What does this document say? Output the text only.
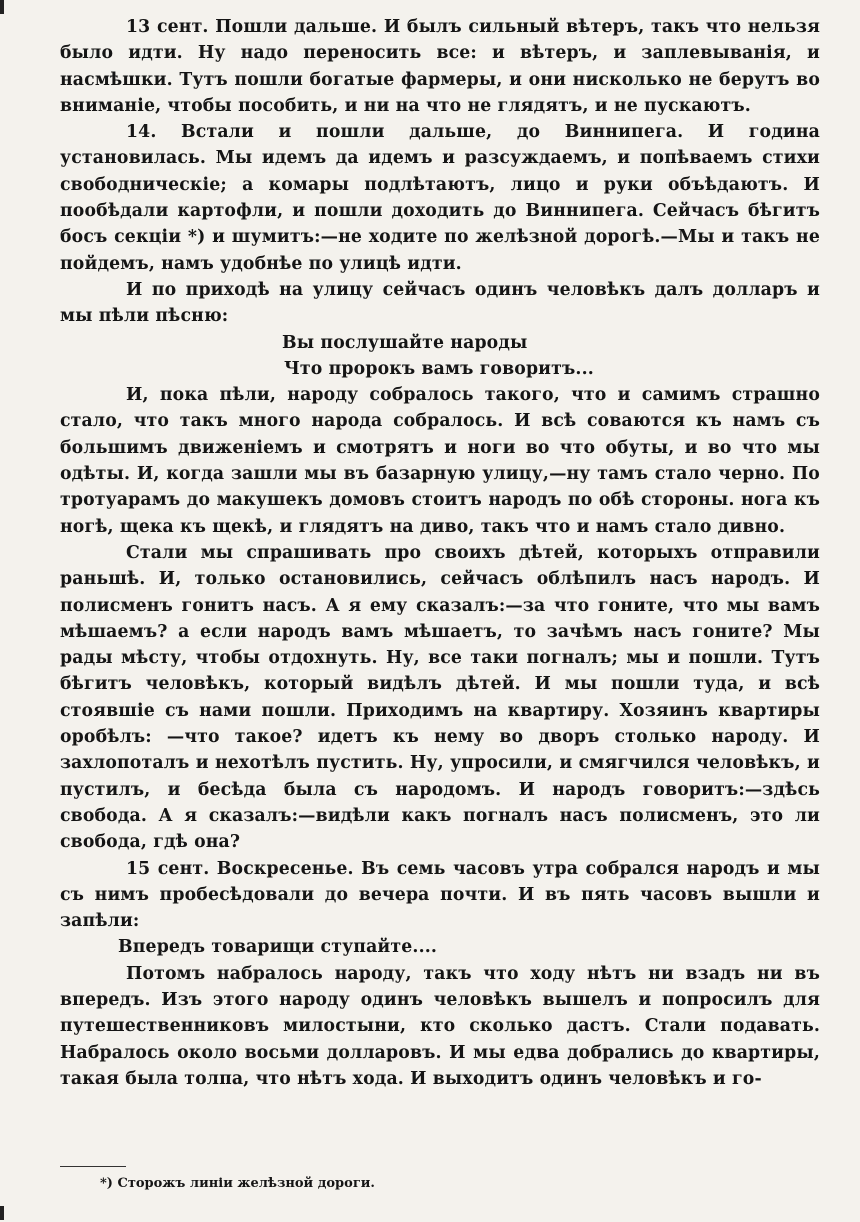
13 сент. Пошли дальше. И былъ сильный вѣтеръ, такъ что нельзя было идти. Ну надо переносить все: и вѣтеръ, и заплевыванія, и насмѣшки. Тутъ пошли богатые фармеры, и они нисколько не берутъ во вниманіе, чтобы пособить, и ни на что не глядятъ, и не пускаютъ.

14. Встали и пошли дальше, до Виннипега. И година установилась. Мы идемъ да идемъ и разсуждаемъ, и попѣваемъ стихи свободническіе; а комары подлѣтаютъ, лицо и руки объѣдаютъ. И пообѣдали картофли, и пошли доходить до Виннипега. Сейчасъ бѣгитъ босъ секціи *) и шумитъ:—не ходите по желѣзной дорогѣ.—Мы и такъ не пойдемъ, намъ удобнѣе по улицѣ идти.

И по приходѣ на улицу сейчасъ одинъ человѣкъ далъ долларъ и мы пѣли пѣсню:

Вы послушайте народы

Что пророкъ вамъ говоритъ...

И, пока пѣли, народу собралось такого, что и самимъ страшно стало, что такъ много народа собралось. И всѣ совaются къ намъ съ большимъ движеніемъ и смотрятъ и ноги во что обуты, и во что мы одѣты. И, когда зашли мы въ базарную улицу,—ну тамъ стало черно. По тротуарамъ до макушекъ домовъ стоитъ народъ по обѣ стороны. нога къ ногѣ, щека къ щекѣ, и глядятъ на диво, такъ что и намъ стало дивно.

Стали мы спрашивать про своихъ дѣтей, которыхъ отправили раньшѣ. И, только остановились, сейчасъ облѣпилъ насъ народъ. И полисменъ гонитъ насъ. А я ему сказалъ:—за что гоните, что мы вамъ мѣшаемъ? а если народъ вамъ мѣшаетъ, то зачѣмъ насъ гоните? Мы рады мѣсту, чтобы отдохнуть. Ну, все таки погналъ; мы и пошли. Тутъ бѣгитъ человѣкъ, который видѣлъ дѣтей. И мы пошли туда, и всѣ стоявшіе съ нами пошли. Приходимъ на квартиру. Хозяинъ квартиры оробѣлъ: —что такое? идетъ къ нему во дворъ столько народу. И захлопоталъ и нехотѣлъ пустить. Ну, упросили, и смягчился человѣкъ, и пустилъ, и бесѣда была съ народомъ. И народъ говоритъ:—здѣсь свобода. А я сказалъ:—видѣли какъ погналъ насъ полисменъ, это ли свобода, гдѣ она?

15 сент. Воскресенье. Въ семь часовъ утра собрался народъ и мы съ нимъ пробесѣдовали до вечера почти. И въ пять часовъ вышли и запѣли:

Впередъ товарищи ступайте....

Потомъ набралось народу, такъ что ходу нѣтъ ни взадъ ни въ впередъ. Изъ этого народу одинъ человѣкъ вышелъ и попросилъ для путешественниковъ милостыни, кто сколько дастъ. Стали подавать. Набралось около восьми долларовъ. И мы едва добрались до квартиры, такая была толпа, что нѣтъ хода. И выходитъ одинъ человѣкъ и го-

*) Сторожъ линіи желѣзной дороги.
